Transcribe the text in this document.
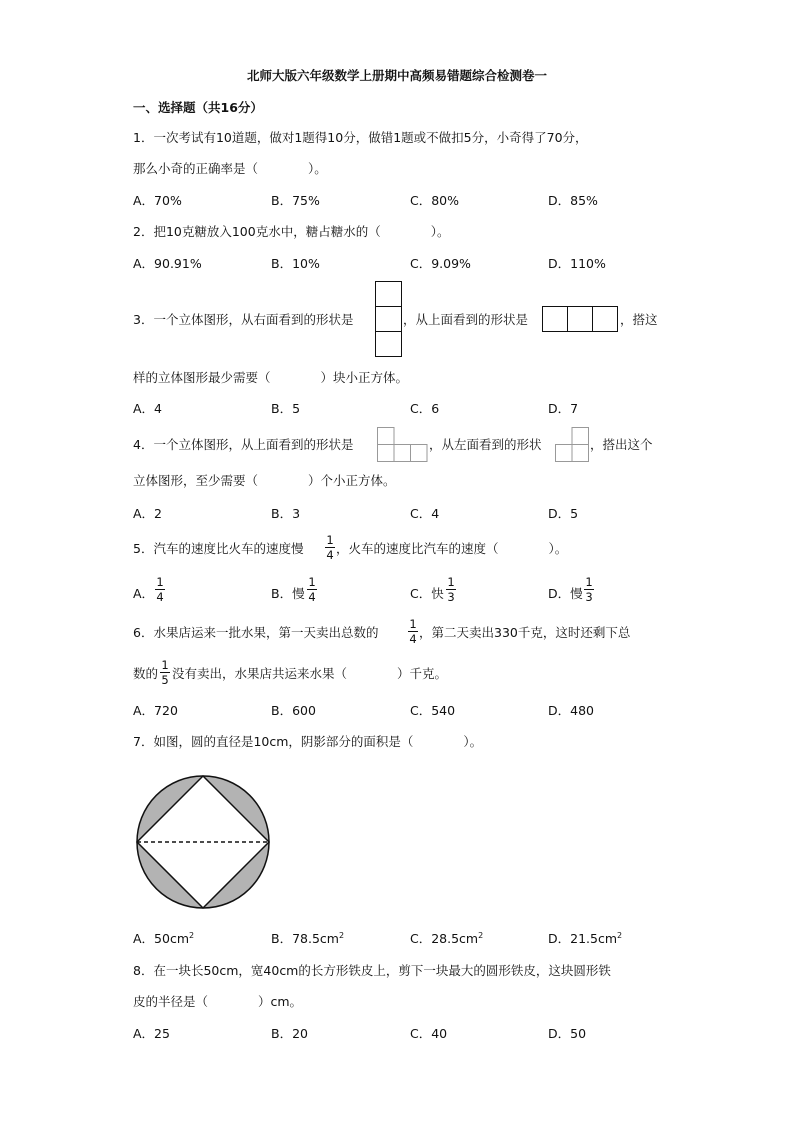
北师大版六年级数学上册期中高频易错题综合检测卷一
一、选择题（共16分）
1．一次考试有10道题，做对1题得10分，做错1题或不做扣5分，小奇得了70分，
那么小奇的正确率是（　　　　）。
A．70%	B．75%	C．80%	D．85%
2．把10克糖放入100克水中，糖占糖水的（　　　　）。
A．90.91%	B．10%	C．9.09%	D．110%
3．一个立体图形，从右面看到的形状是	，从上面看到的形状是	，搭这
样的立体图形最少需要（　　　　）块小正方体。
A．4	B．5	C．6	D．7
4．一个立体图形，从上面看到的形状是	，从左面看到的形状	，搭出这个
立体图形，至少需要（　　　　）个小正方体。
A．2	B．3	C．4	D．5
5．汽车的速度比火车的速度慢
1
4 ，火车的速度比汽车的速度（　　　　）。
A．
1
4	B．慢
1
4	C．快
1
3	D．慢
1
3
6．水果店运来一批水果，第一天卖出总数的
1
4 ，第二天卖出330千克，这时还剩下总
数的
1
5 没有卖出，水果店共运来水果（　　　　）千克。
A．720	B．600	C．540	D．480
7．如图，圆的直径是10cm，阴影部分的面积是（　　　　）。
A．$50cm^2$	B．$78.5cm^2$	C．$28.5cm^2$	D．$21.5cm^2$
8．在一块长50cm，宽40cm的长方形铁皮上，剪下一块最大的圆形铁皮，这块圆形铁
皮的半径是（　　　　）cm。
A．25	B．20	C．40	D．50
